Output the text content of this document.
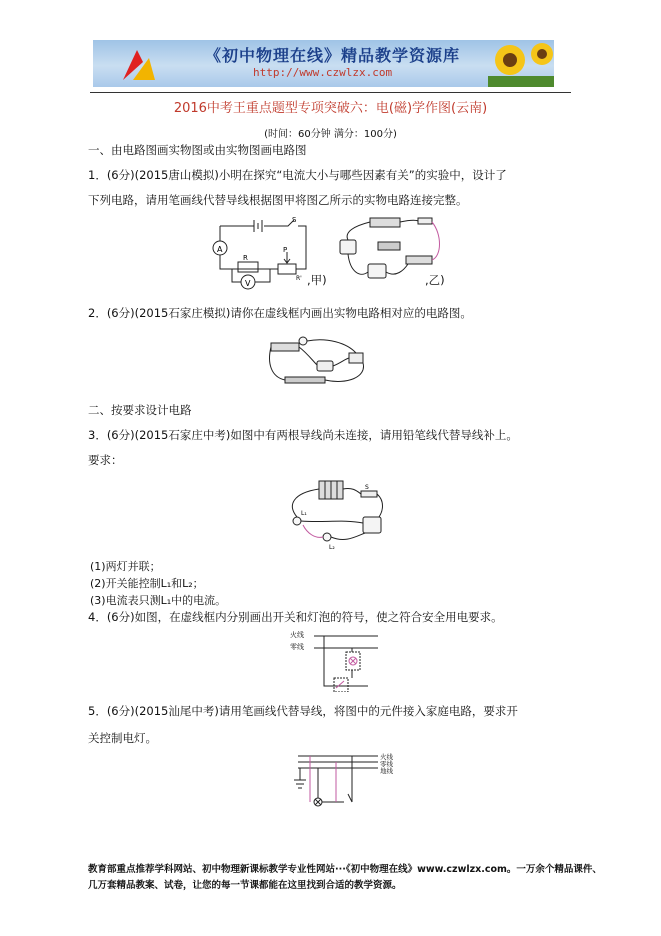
《初中物理在线》精品教学资源库
http://www.czwlzx.com
2016中考王重点题型专项突破六：电(磁)学作图(云南)
(时间：60分钟 满分：100分)
一、由电路图画实物图或由实物图画电路图
1．(6分)(2015唐山模拟)小明在探究“电流大小与哪些因素有关”的实验中，设计了
下列电路，请用笔画线代替导线根据图甲将图乙所示的实物电路连接完整。
A
V
S
R
P
R' ,甲)	,乙)
2．(6分)(2015石家庄模拟)请你在虚线框内画出实物电路相对应的电路图。
二、按要求设计电路
3．(6分)(2015石家庄中考)如图中有两根导线尚未连接，请用铅笔线代替导线补上。
要求：
L₁
L₂
S
(1)两灯并联；
(2)开关能控制L₁和L₂；
(3)电流表只测L₁中的电流。
4．(6分)如图，在虚线框内分别画出开关和灯泡的符号，使之符合安全用电要求。
火线
零线
5．(6分)(2015汕尾中考)请用笔画线代替导线，将图中的元件接入家庭电路，要求开
关控制电灯。
火线
零线
地线
教育部重点推荐学科网站、初中物理新课标教学专业性网站···《初中物理在线》www.czwlzx.com。一万余个精品课件、
几万套精品教案、试卷，让您的每一节课都能在这里找到合适的教学资源。
